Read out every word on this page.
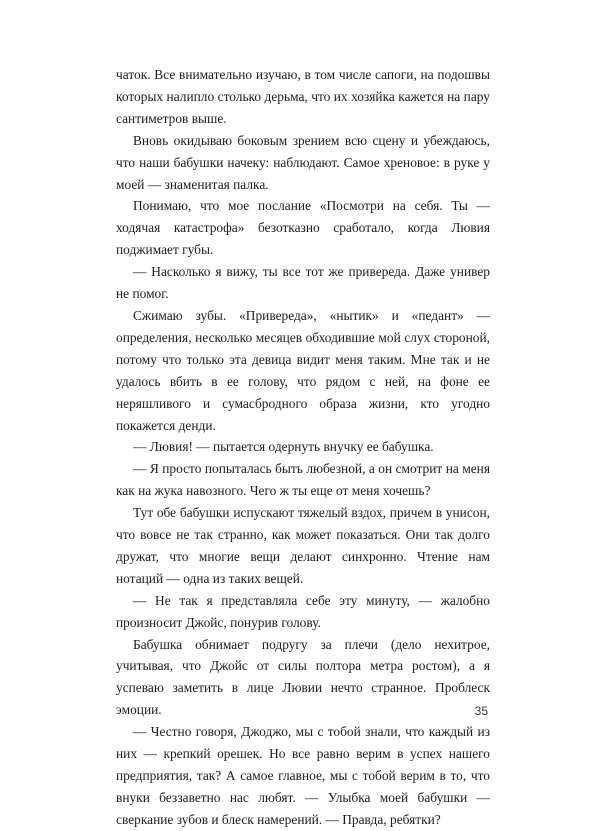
чаток. Все внимательно изучаю, в том числе сапоги, на подошвы которых налипло столько дерьма, что их хозяйка кажется на пару сантиметров выше.

Вновь окидываю боковым зрением всю сцену и убеждаюсь, что наши бабушки начеку: наблюдают. Самое хреновое: в руке у моей — знаменитая палка.

Понимаю, что мое послание «Посмотри на себя. Ты — ходячая катастрофа» безотказно сработало, когда Лювия поджимает губы.

— Насколько я вижу, ты все тот же привереда. Даже универ не помог.

Сжимаю зубы. «Привереда», «нытик» и «педант» — определения, несколько месяцев обходившие мой слух стороной, потому что только эта девица видит меня таким. Мне так и не удалось вбить в ее голову, что рядом с ней, на фоне ее неряшливого и сумасбродного образа жизни, кто угодно покажется денди.

— Лювия! — пытается одернуть внучку ее бабушка.

— Я просто попыталась быть любезной, а он смотрит на меня как на жука навозного. Чего ж ты еще от меня хочешь?

Тут обе бабушки испускают тяжелый вздох, причем в унисон, что вовсе не так странно, как может показаться. Они так долго дружат, что многие вещи делают синхронно. Чтение нам нотаций — одна из таких вещей.

— Не так я представляла себе эту минуту, — жалобно произносит Джойс, понурив голову.

Бабушка обнимает подругу за плечи (дело нехитрое, учитывая, что Джойс от силы полтора метра ростом), а я успеваю заметить в лице Лювии нечто странное. Проблеск эмоции.

— Честно говоря, Джоджо, мы с тобой знали, что каждый из них — крепкий орешек. Но все равно верим в успех нашего предприятия, так? А самое главное, мы с тобой верим в то, что внуки беззаветно нас любят. — Улыбка моей бабушки — сверкание зубов и блеск намерений. — Правда, ребятки?

35
